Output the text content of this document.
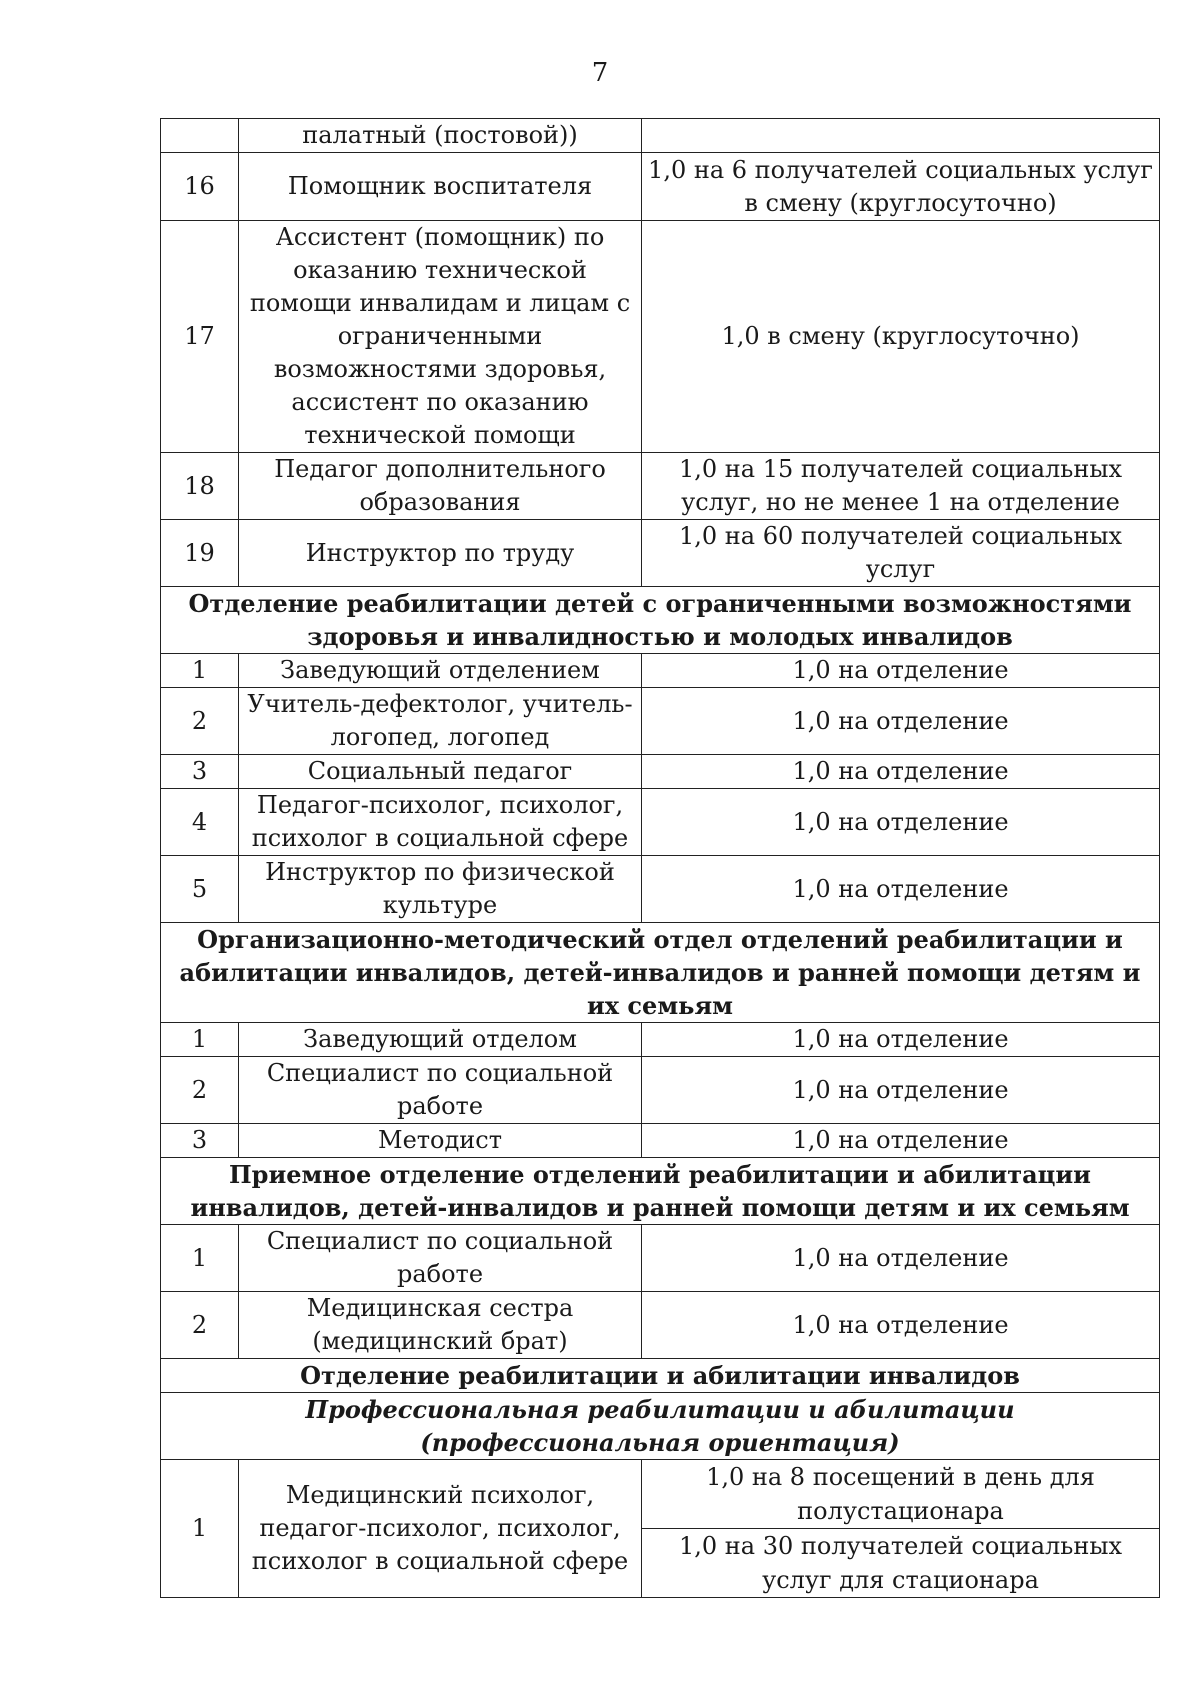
7
	палатный (постовой))	
16	Помощник воспитателя	1,0 на 6 получателей социальных услуг в смену (круглосуточно)
17	Ассистент (помощник) по оказанию технической помощи инвалидам и лицам с ограниченными возможностями здоровья, ассистент по оказанию технической помощи	1,0 в смену (круглосуточно)
18	Педагог дополнительного образования	1,0 на 15 получателей социальных услуг, но не менее 1 на отделение
19	Инструктор по труду	1,0 на 60 получателей социальных услуг
Отделение реабилитации детей с ограниченными возможностями здоровья и инвалидностью и молодых инвалидов		
1	Заведующий отделением	1,0 на отделение
2	Учитель-дефектолог, учитель-логопед, логопед	1,0 на отделение
3	Социальный педагог	1,0 на отделение
4	Педагог-психолог, психолог, психолог в социальной сфере	1,0 на отделение
5	Инструктор по физической культуре	1,0 на отделение
Организационно-методический отдел отделений реабилитации и абилитации инвалидов, детей-инвалидов и ранней помощи детям и их семьям		
1	Заведующий отделом	1,0 на отделение
2	Специалист по социальной работе	1,0 на отделение
3	Методист	1,0 на отделение
Приемное отделение отделений реабилитации и абилитации инвалидов, детей-инвалидов и ранней помощи детям и их семьям		
1	Специалист по социальной работе	1,0 на отделение
2	Медицинская сестра (медицинский брат)	1,0 на отделение
Отделение реабилитации и абилитации инвалидов		
Профессиональная реабилитации и абилитации (профессиональная ориентация)		
1	Медицинский психолог, педагог-психолог, психолог, психолог в социальной сфере	1,0 на 8 посещений в день для полустационара
1,0 на 30 получателей социальных услуг для стационара
